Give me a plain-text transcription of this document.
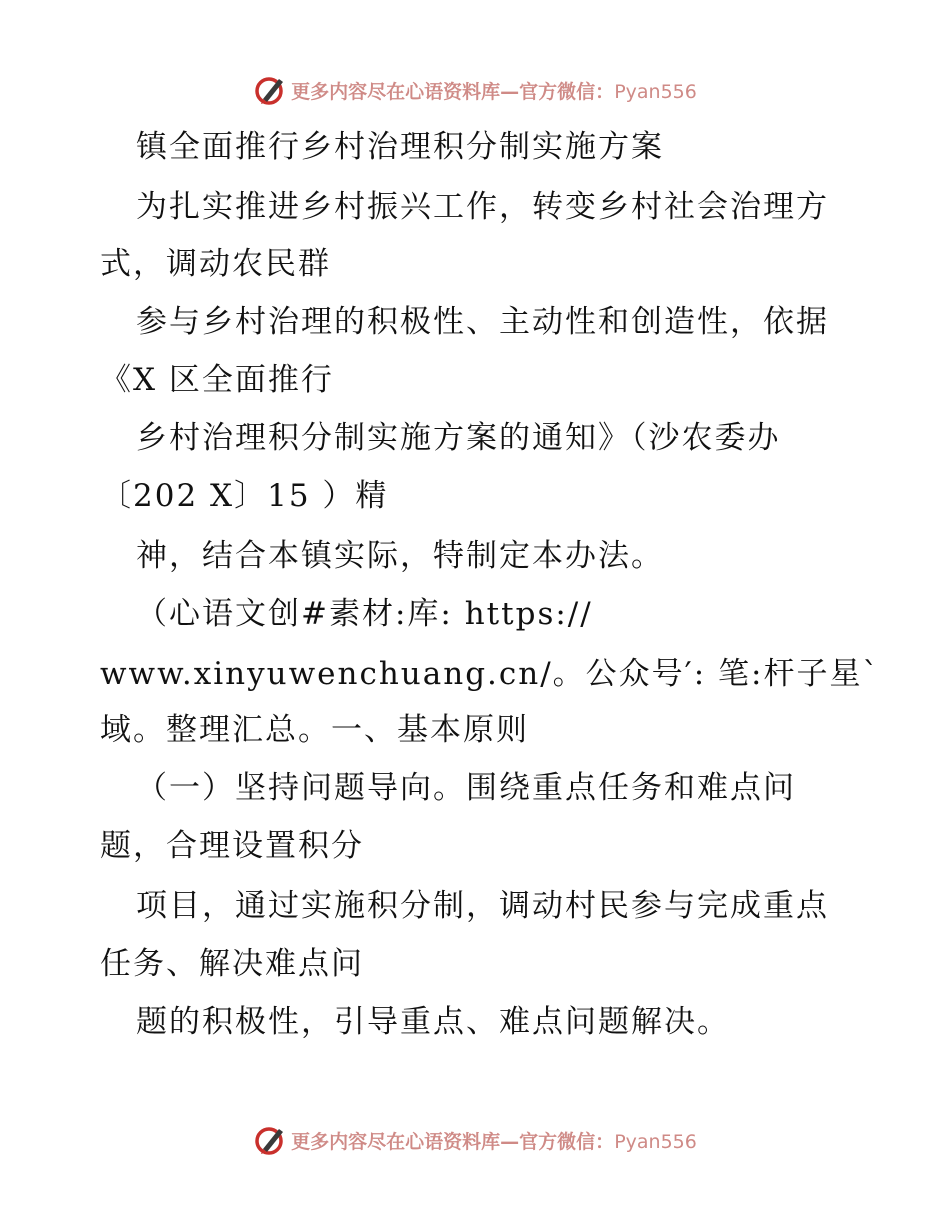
更多内容尽在心语资料库—官方微信：Pyan556
镇全面推行乡村治理积分制实施方案
为扎实推进乡村振兴工作，转变乡村社会治理方
式，调动农民群
参与乡村治理的积极性、主动性和创造性，依据
《X 区全面推行
乡村治理积分制实施方案的通知》（沙农委办
〔202 X〕15 ）精
神，结合本镇实际，特制定本办法。
（心语文创#素材:库: https://
www.xinyuwenchuang.cn/。公众号′: 笔:杆子星`
域。整理汇总。一、基本原则
（一）坚持问题导向。围绕重点任务和难点问
题，合理设置积分
项目，通过实施积分制，调动村民参与完成重点
任务、解决难点问
题的积极性，引导重点、难点问题解决。
更多内容尽在心语资料库—官方微信：Pyan556
